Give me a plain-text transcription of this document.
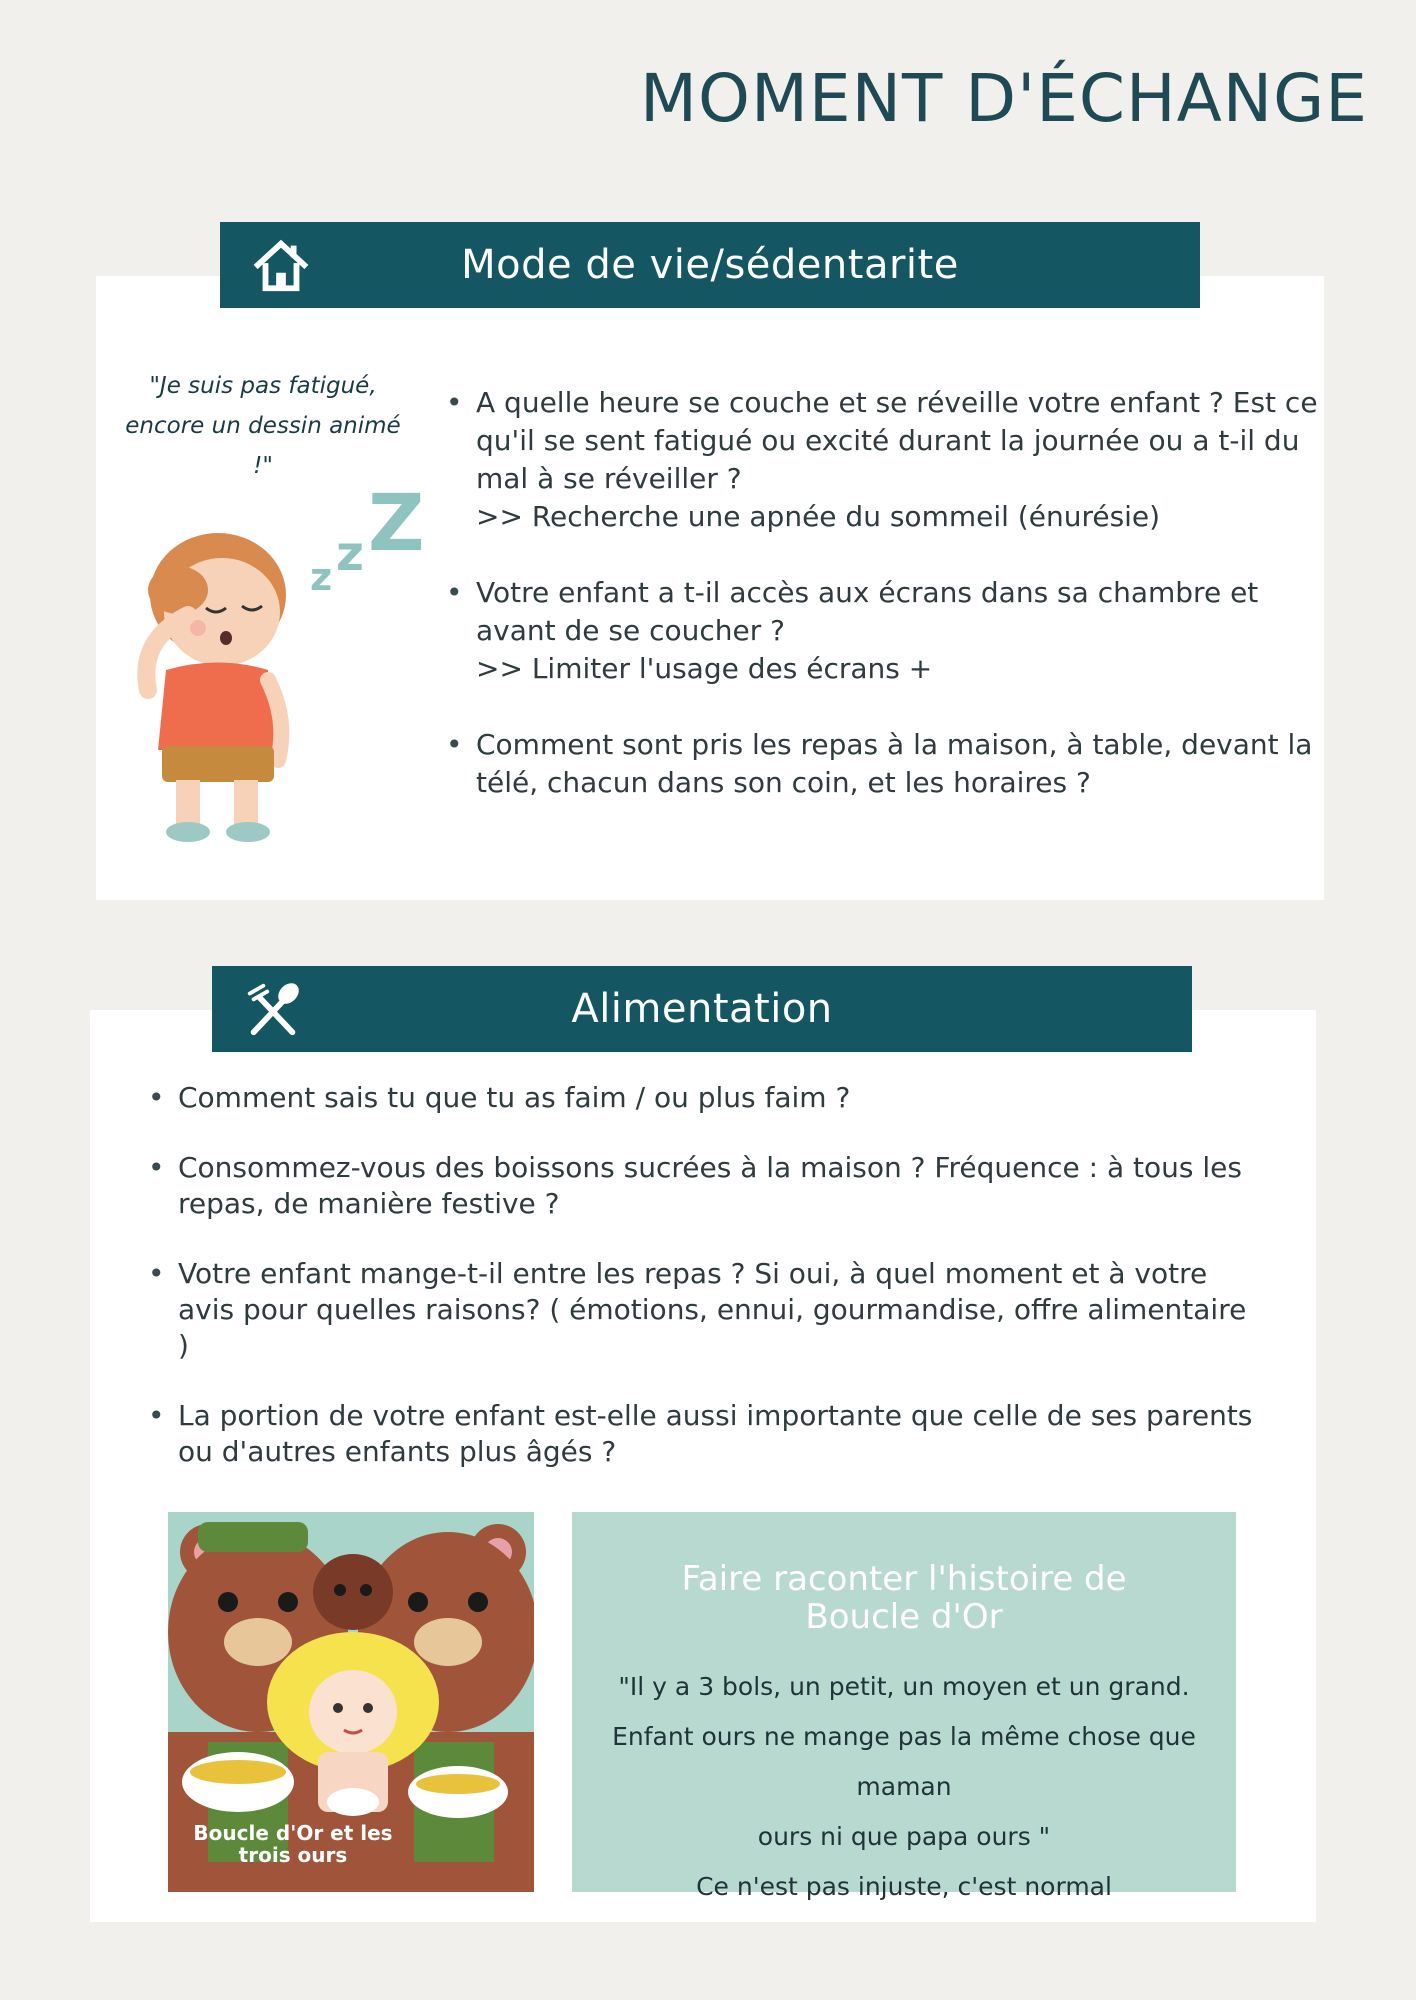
MOMENT D'ÉCHANGE
Mode de vie/sédentarite
"Je suis pas fatigué, encore un dessin animé !"
z z Z
• A quelle heure se couche et se réveille votre enfant ? Est ce qu'il se sent fatigué ou excité durant la journée ou a t-il du mal à se réveiller ?
>> Recherche une apnée du sommeil (énurésie)
• Votre enfant a t-il accès aux écrans dans sa chambre et avant de se coucher ?
>> Limiter l'usage des écrans +
• Comment sont pris les repas à la maison, à table, devant la télé, chacun dans son coin, et les horaires ?
Alimentation
• Comment sais tu que tu as faim / ou plus faim ?
• Consommez-vous des boissons sucrées à la maison ? Fréquence : à tous les repas, de manière festive ?
• Votre enfant mange-t-il entre les repas ? Si oui, à quel moment et à votre avis pour quelles raisons? ( émotions, ennui, gourmandise, offre alimentaire )
• La portion de votre enfant est-elle aussi importante que celle de ses parents ou d'autres enfants plus âgés ?
Boucle d'Or et les trois ours
Faire raconter l'histoire de Boucle d'Or
"Il y a 3 bols, un petit, un moyen et un grand.
Enfant ours ne mange pas la même chose que maman
ours ni que papa ours "
Ce n'est pas injuste, c'est normal
